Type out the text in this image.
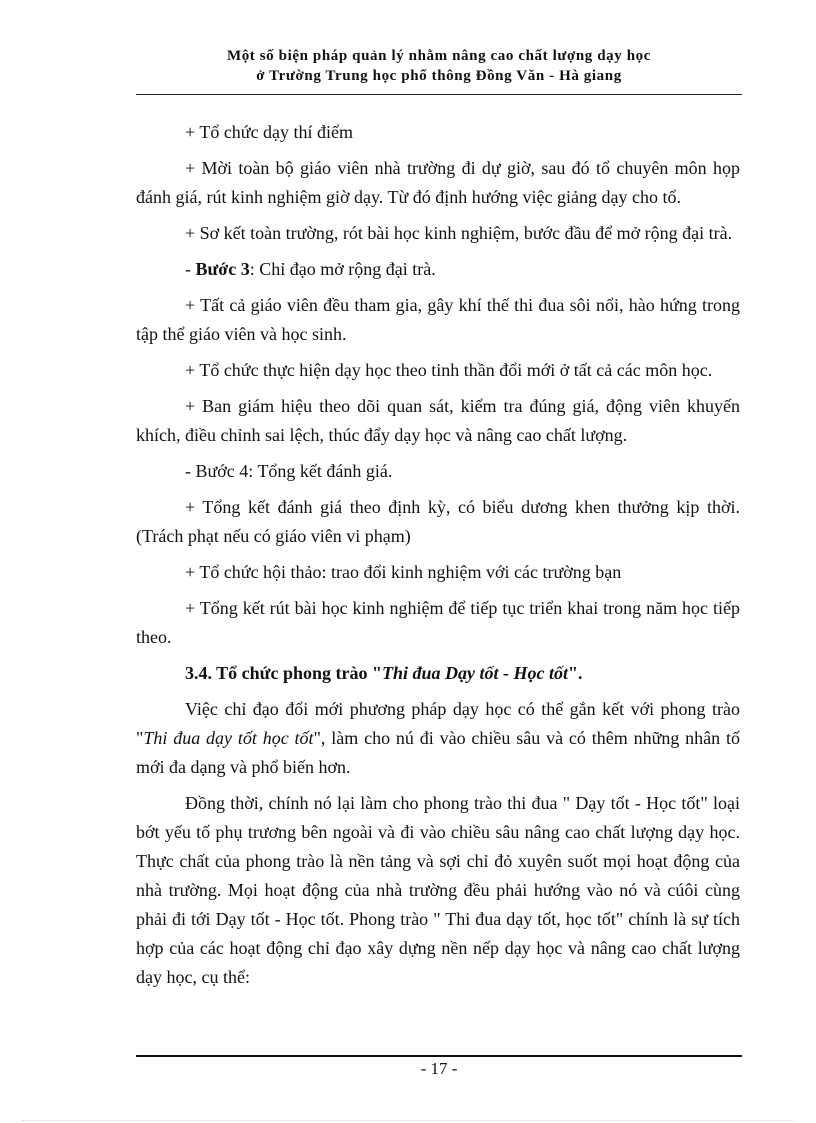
Một số biện pháp quản lý nhằm nâng cao chất lượng dạy học
ở Trường Trung học phổ thông Đồng Văn - Hà giang

+ Tổ chức dạy thí điểm

+ Mời toàn bộ giáo viên nhà trường đi dự giờ, sau đó tổ chuyên môn họp đánh giá, rút kinh nghiệm giờ dạy. Từ đó định hướng việc giảng dạy cho tổ.

+ Sơ kết toàn trường, rót bài học kinh nghiệm, bước đầu để mở rộng đại trà.

- Bước 3: Chỉ đạo mở rộng đại trà.

+ Tất cả giáo viên đều tham gia, gây khí thế thi đua sôi nổi, hào hứng trong tập thể giáo viên và học sinh.

+ Tổ chức thực hiện dạy học theo tinh thần đổi mới ở tất cả các môn học.

+ Ban giám hiệu theo dõi quan sát, kiểm tra đúng giá, động viên khuyến khích, điều chỉnh sai lệch, thúc đẩy dạy học và nâng cao chất lượng.

- Bước 4: Tổng kết đánh giá.

+ Tổng kết đánh giá theo định kỳ, có biểu dương khen thưởng kịp thời. (Trách phạt nếu có giáo viên vi phạm)

+ Tổ chức hội thảo: trao đổi kinh nghiệm với các trường bạn

+ Tổng kết rút bài học kinh nghiệm để tiếp tục triển khai trong năm học tiếp theo.

3.4. Tổ chức phong trào "Thi đua Dạy tốt - Học tốt".

Việc chỉ đạo đổi mới phương pháp dạy học có thể gắn kết với phong trào "Thi đua dạy tốt học tốt", làm cho nú đi vào chiều sâu và có thêm những nhân tố mới đa dạng và phổ biến hơn.

Đồng thời, chính nó lại làm cho phong trào thi đua " Dạy tốt - Học tốt" loại bớt yếu tố phụ trương bên ngoài và đi vào chiều sâu nâng cao chất lượng dạy học. Thực chất của phong trào là nền tảng và sợi chỉ đỏ xuyên suốt mọi hoạt động của nhà trường. Mọi hoạt động của nhà trường đều phải hướng vào nó và cúôi cùng phải đi tới Dạy tốt - Học tốt. Phong trào " Thi đua dạy tốt, học tốt" chính là sự tích hợp của các hoạt động chỉ đạo xây dựng nền nếp dạy học và nâng cao chất lượng dạy học, cụ thể:

- 17 -
